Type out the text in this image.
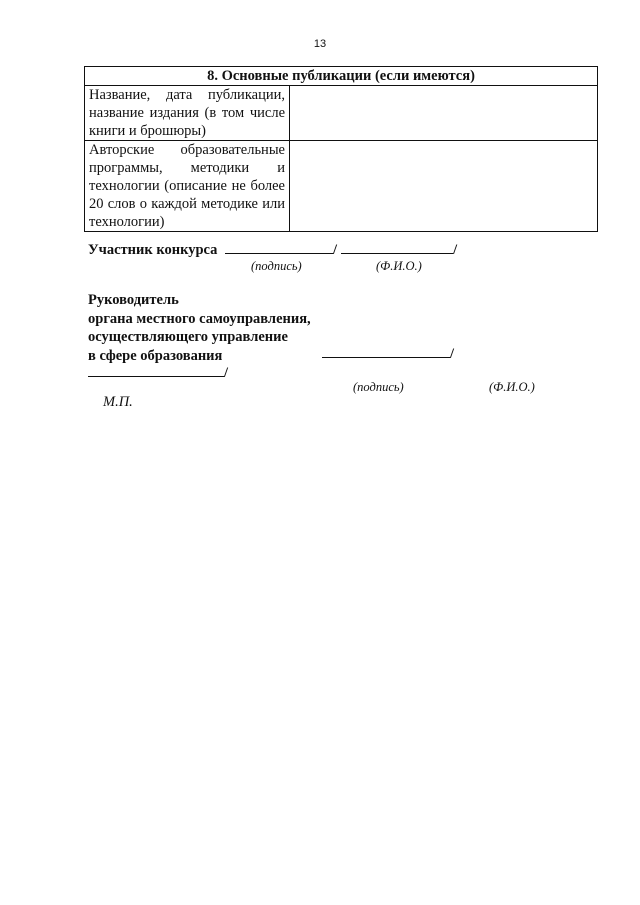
13
8. Основные публикации (если имеются)	
Название, дата публикации, название издания (в том числе книги и брошюры)	
Авторские образовательные программы, методики и технологии (описание не более 20 слов о каждой методике или технологии)	
Участник конкурса	/	/
(подпись)	(Ф.И.О.)
Руководитель
органа местного самоуправления,
осуществляющего управление
в сфере образования	/
/
(подпись)	(Ф.И.О.)
М.П.
